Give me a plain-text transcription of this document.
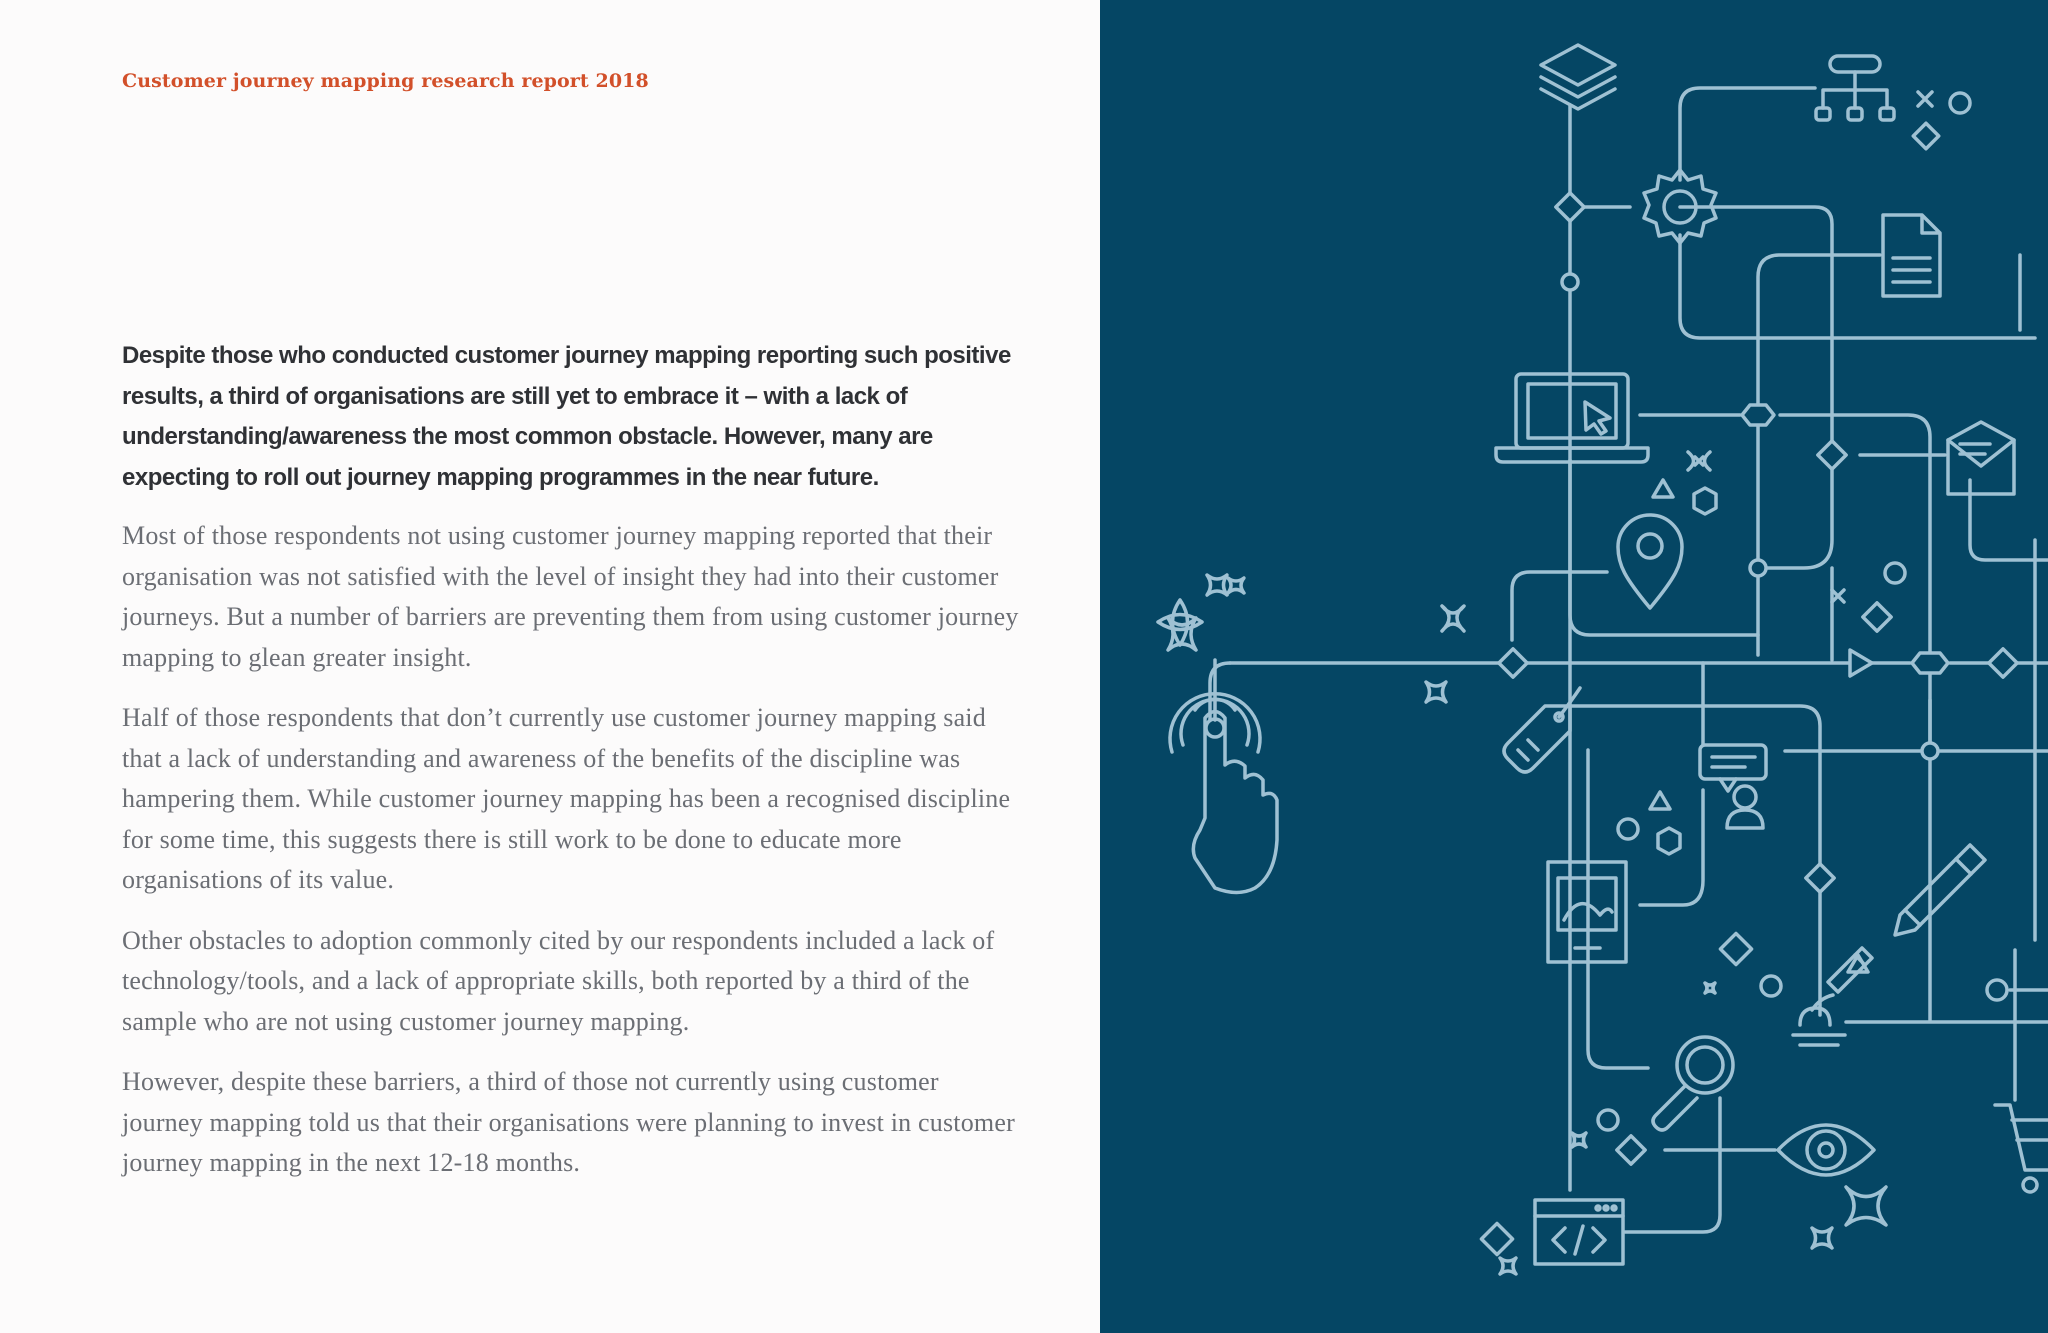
Customer journey mapping research report 2018

Despite those who conducted customer journey mapping reporting such positive results, a third of organisations are still yet to embrace it – with a lack of understanding/awareness the most common obstacle. However, many are expecting to roll out journey mapping programmes in the near future.

Most of those respondents not using customer journey mapping reported that their organisation was not satisfied with the level of insight they had into their customer journeys. But a number of barriers are preventing them from using customer journey mapping to glean greater insight.

Half of those respondents that don’t currently use customer journey mapping said that a lack of understanding and awareness of the benefits of the discipline was hampering them. While customer journey mapping has been a recognised discipline for some time, this suggests there is still work to be done to educate more organisations of its value.

Other obstacles to adoption commonly cited by our respondents included a lack of technology/tools, and a lack of appropriate skills, both reported by a third of the sample who are not using customer journey mapping.

However, despite these barriers, a third of those not currently using customer journey mapping told us that their organisations were planning to invest in customer journey mapping in the next 12-18 months.
